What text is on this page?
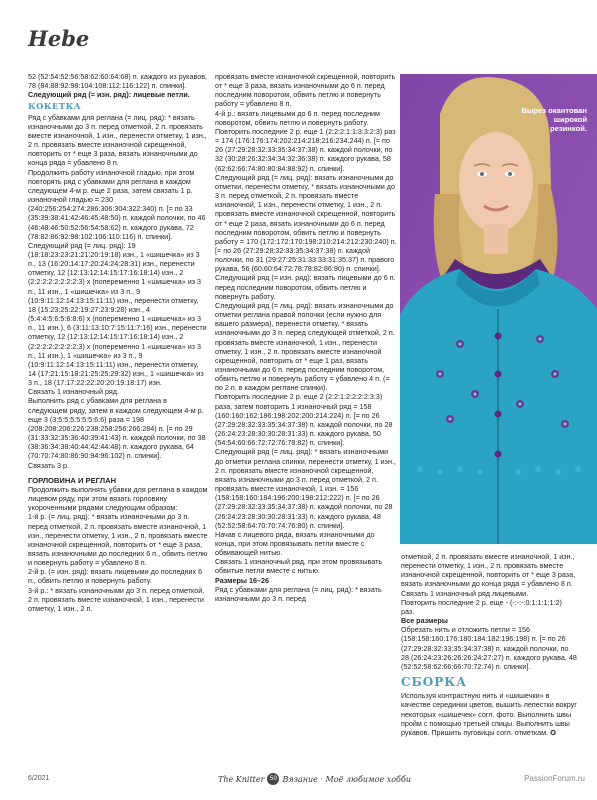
Hebe

52 (52:54:52:56:58:62:60:64:68) п. каждого из рукавов, 78 (84:88:92:98:104:108:112:116:122) п. спинки].

Следующий ряд (= изн. ряд): лицевые петли.

КОКЕТКА

Ряд с убавками для реглана (= лиц. ряд): * вязать изнаночными до 3 п. перед отметкой, 2 п. провязать вместе изнаночной, 1 изн., перенести отметку, 1 изн., 2 п. провязать вместе изнаночной скрещенной, повторить от * еще 3 раза, вязать изнаночными до конца ряда = убавлено 8 п.

Продолжить работу изнаночной гладью, при этом повторять ряд с убавками для реглана в каждом следующем 4-м р. еще 2 раза, затем связать 1 р. изнаночной гладью = 230 (240:256:254:274:286:306:304:322:340) п. [= по 33 (35:39:38:41:42:46:45:48:50) п. каждой полочки, по 46 (46:48:46:50:52:56:54:58:62) п. каждого рукава, 72 (78:82:86:92:98:102:106:110:116) п. спинки].

Следующий ряд (= лиц. ряд): 19 (18:18:23:23:21:21:20:19:18) изн., 1 «шишечка» из 3 п., 13 (16:20:14:17:20:24:24:28:31) изн., перенести отметку, 12 (12:13:12:14:15:17:16:18:14) изн., 2 (2:2:2:2:2:2:2:2:3) х (попеременно 1 «шишечка» из 3 п., 11 изн., 1 «шишечка» из 3 п., 9 (10:9:11:12:14:13:15:11:11) изн., перенести отметку, 18 (15:23:25:22:19:27:23:9:28) изн., 4 (5:4:4:5:6:5:6:8:6) х (попеременно 1 «шишечка» из 3 п., 11 изн.), 6 (3:11:13:10:7:15:11:7:16) изн., перенести отметку, 12 (12:13:12:14:15:17:16:18:14) изн., 2 (2:2:2:2:2:2:2:2:3) х (попеременно 1 «шишечка» из 3 п., 11 изн.), 1 «шишечка» из 3 п., 9 (10:9:11:12:14:13:15:11:11) изн., перенести отметку, 14 (17:21:15:18:21:25:25:29:32) изн., 1 «шишечка» из 3 п., 18 (17:17:22:22:20:20:19:18:17) изн.

Связать 1 изнаночный ряд.

Выполнить ряд с убавками для реглана в следующем ряду, затем в каждом следующем 4-м р. еще 3 (3:5:5:5:5:5:5:6:6) раза = 198 (208:208:206:226:238:258:256:266:284) п. [= по 29 (31:33:32:35:36:40:39:41:43) п. каждой полочки, по 38 (38:36:34:38:40:44:42:44:48) п. каждого рукава, 64 (70:70:74:80:86:90:94:96:102) п. спинки].

Связать 3 р.

ГОРЛОВИНА И РЕГЛАН

Продолжить выполнять убавки для реглана в каждом лицевом ряду, при этом вязать горловину укороченными рядами следующим образом:

1-й р. (= лиц. ряд): * вязать изнаночными до 3 п. перед отметкой, 2 п. провязать вместе изнаночной, 1 изн., перенести отметку, 1 изн., 2 п. провязать вместе изнаночной скрещенной, повторить от * еще 3 раза, вязать изнаночными до последних 6 п., обвить петлю и повернуть работу = убавлено 8 п.

2-й р. (= изн. ряд): вязать лицевыми до последних 6 п., обвить петлю и повернуть работу.

3-й р.: * вязать изнаночными до 3 п. перед отметкой, 2 п. провязать вместе изнаночной, 1 изн., перенести отметку, 1 изн., 2 п.

провязать вместе изнаночной скрещенной, повторить от * еще 3 раза, вязать изнаночными до 6 п. перед последним поворотом, обвить петлю и повернуть работу = убавлено 8 п.

4-й р.: вязать лицевыми до 6 п. перед последним поворотом, обвить петлю и повернуть работу.

Повторить последние 2 р. еще 1 (2:2:2:1:1:3:3:2:3) раз = 174 (176:176:174:202:214:218:216:234:244) п. [= по 26 (27:29:28:32:33:35:34:37:38) п. каждой полочки, по 32 (30:28:26:32:34:34:32:36:38) п. каждого рукава, 58 (62:62:66:74:80:80:84:88:92) п. спинки].

Следующий ряд (= лиц. ряд): вязать изнаночными до отметки, перенести отметку, * вязать изнаночными до 3 п. перед отметкой, 2 п. провязать вместе изнаночной, 1 изн., перенести отметку, 1 изн., 2 п. провязать вместе изнаночной скрещенной, повторить от * еще 2 раза, вязать изнаночными до 6 п. перед последним поворотом, обвить петлю и повернуть работу = 170 (172:172:170:198:210:214:212:230:240) п. [= по 26 (27:29:28:32:33:35:34:37:38) п. каждой полочки, по 31 (29:27:25:31:33:33:31:35:37) п. правого рукава, 56 (60:60:64:72:78:78:82:86:90) п. спинки].

Следующий ряд (= изн. ряд): вязать лицевыми до 6 п. перед последним поворотом, обвить петлю и повернуть работу.

Следующий ряд (= лиц. ряд): вязать изнаночными до отметки реглана правой полочки (если нужно для вашего размера), перенести отметку, * вязать изнаночными до 3 п. перед следующей отметкой, 2 п. провязать вместе изнаночной, 1 изн., перенести отметку, 1 изн., 2 п. провязать вместе изнаночной скрещенной, повторить от * еще 1 раз, вязать изнаночными до 6 п. перед последним поворотом, обвить петлю и повернуть работу = убавлено 4 п. (= по 2 п. в каждом реглане спинки).

Повторить последние 2 р. еще 2 (2:2:1:2:2:2:2:3:3) раза, затем повторить 1 изнаночный ряд = 158 (160:160:162:186:198:202:200:214:224) п. [= по 26 (27:29:28:32:33:35:34:37:38) п. каждой полочки, по 28 (26:24:23:28:30:30:28:31:33) п. каждого рукава, 50 (54:54:60:66:72:72:76:78:82) п. спинки].

Следующий ряд (= лиц. ряд): * вязать изнаночными до отметки реглана спинки, перенести отметку, 1 изн., 2 п. провязать вместе изнаночной скрещенной, вязать изнаночными до 3 п. перед отметкой, 2 п. провязать вместе изнаночной, 1 изн. = 156 (158:158:160:184:196:200:198:212:222) п. [= по 26 (27:29:28:32:33:35:34:37:38) п. каждой полочки, по 28 (26:24:23:28:30:30:28:31:33) п. каждого рукава, 48 (52:52:58:64:70:70:74:76:80) п. спинки].

Начав с лицевого ряда, вязать изнаночными до конца, при этом провязывать петли вместе с обвивающей нитью.

Связать 1 изнаночный ряд, при этом провязывать обвитые петли вместе с нитью.

Размеры 16–26

Ряд с убавками для реглана (= лиц. ряд): * вязать изнаночными до 3 п. перед

Вырез окантован широкой резинкой.

отметкой, 2 п. провязать вместе изнаночной, 1 изн., перенести отметку, 1 изн., 2 п. провязать вместе изнаночной скрещенной, повторить от * еще 3 раза, вязать изнаночными до конца ряда = убавлено 8 п.

Связать 1 изнаночный ряд лицевыми.

Повторить последние 2 р. еще - (-:-:-:0:1:1:1:1:2) раз.

Все размеры

Обрезать нить и отложить петли = 156 (158:158:160:176:180:184:182:196:198) п. [= по 26 (27:29:28:32:33:35:34:37:38) п. каждой полочки, по 28 (26:24:23:26:26:26:24:27:27) п. каждого рукава, 48 (52:52:58:62:66:66:70:72:74) п. спинки].

СБОРКА

Используя контрастную нить и «шишечки» в качестве серединки цветов, вышить лепестки вокруг некоторых «шишечек» согл. фото. Выполнить швы пройм с помощью третьей спицы. Выполнить швы рукавов. Пришить пуговицы согл. отметкам. ✪

6/2021	The Knitter 50 Вязание · Моё любимое хобби	PassionForum.ru
